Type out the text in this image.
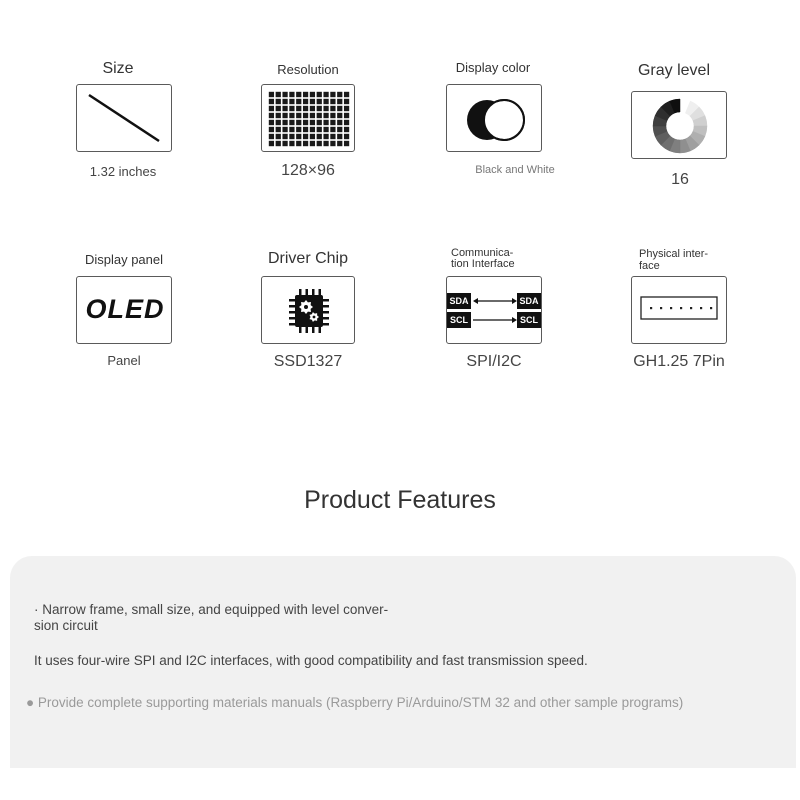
Size
1.32 inches
Resolution
128×96
Display color
Black and White
Gray level
16
Display panel
OLED
Panel
Driver Chip
SSD1327
Communica-
tion Interface
SDA
SCL
SDA
SCL
SPI/I2C
Physical inter-
face
GH1.25 7Pin
Product Features
· Narrow frame, small size, and equipped with level conver-
sion circuit
It uses four-wire SPI and I2C interfaces, with good compatibility and fast transmission speed.
● Provide complete supporting materials manuals (Raspberry Pi/Arduino/STM 32 and other sample programs)
